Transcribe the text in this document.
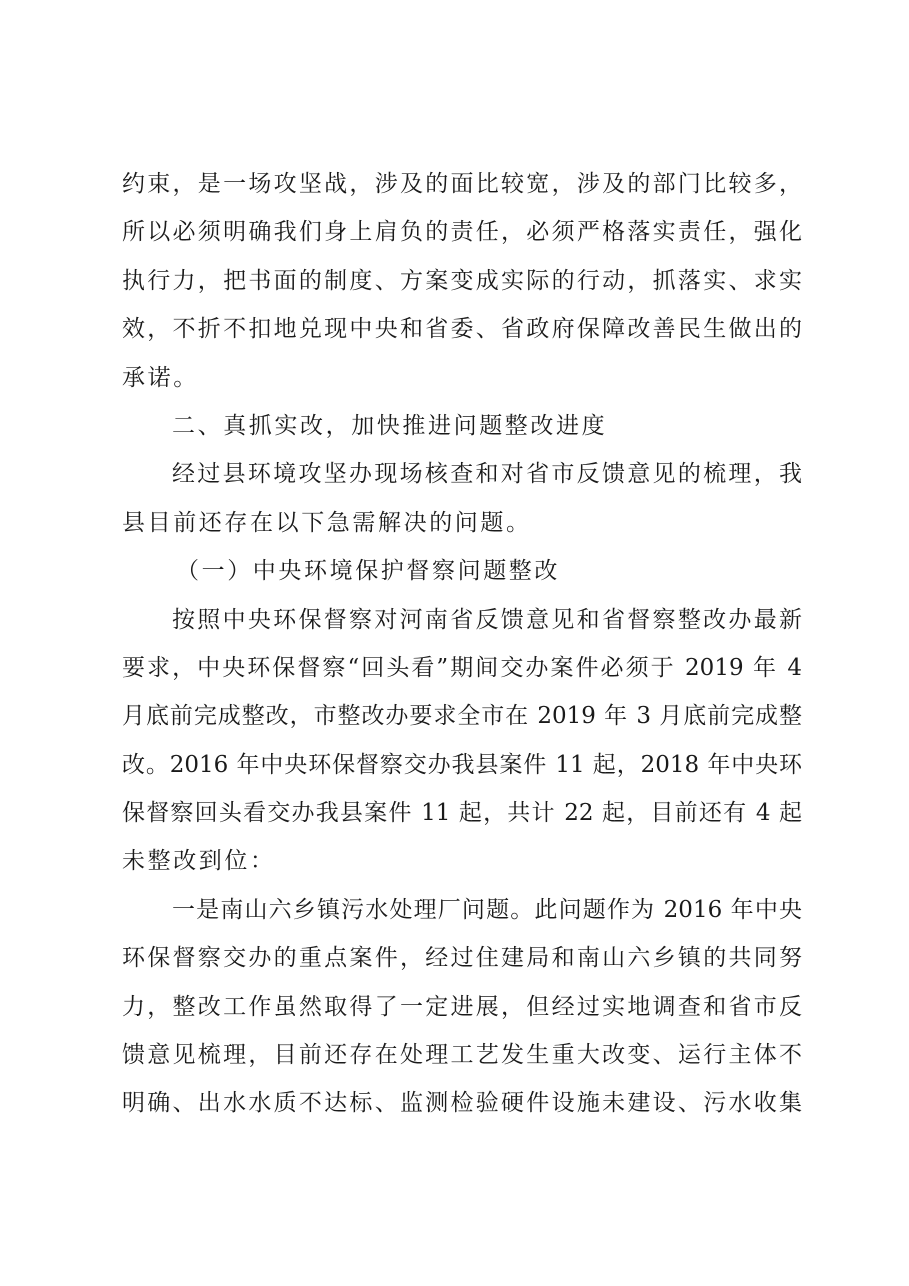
约束，是一场攻坚战，涉及的面比较宽，涉及的部门比较多，
所以必须明确我们身上肩负的责任，必须严格落实责任，强化
执行力，把书面的制度、方案变成实际的行动，抓落实、求实
效，不折不扣地兑现中央和省委、省政府保障改善民生做出的
承诺。
二、真抓实改，加快推进问题整改进度
经过县环境攻坚办现场核查和对省市反馈意见的梳理，我
县目前还存在以下急需解决的问题。
（一）中央环境保护督察问题整改
按照中央环保督察对河南省反馈意见和省督察整改办最新
要求，中央环保督察“回头看”期间交办案件必须于 2019 年 4
月底前完成整改，市整改办要求全市在 2019 年 3 月底前完成整
改。2016 年中央环保督察交办我县案件 11 起，2018 年中央环
保督察回头看交办我县案件 11 起，共计 22 起，目前还有 4 起
未整改到位：
一是南山六乡镇污水处理厂问题。此问题作为 2016 年中央
环保督察交办的重点案件，经过住建局和南山六乡镇的共同努
力，整改工作虽然取得了一定进展，但经过实地调查和省市反
馈意见梳理，目前还存在处理工艺发生重大改变、运行主体不
明确、出水水质不达标、监测检验硬件设施未建设、污水收集
